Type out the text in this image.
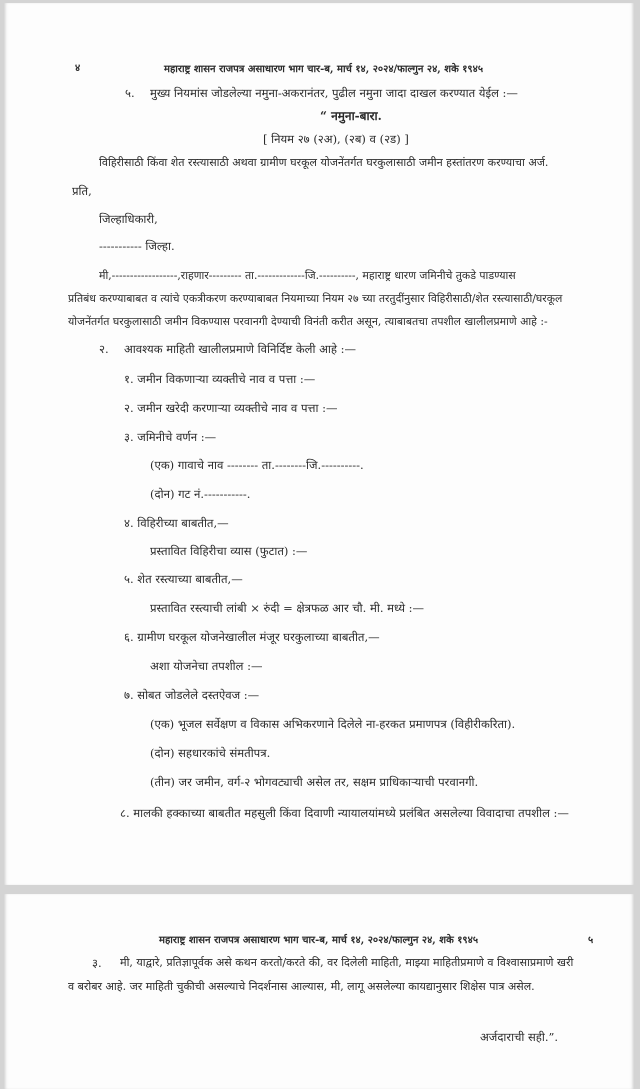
४	महाराष्ट्र शासन राजपत्र असाधारण भाग चार-ब, मार्च १४, २०२४/फाल्गुन २४, शके १९४५
५. मुख्य नियमांस जोडलेल्या नमुना-अकरानंतर, पुढील नमुना जादा दाखल करण्यात येईल :—
“ नमुना-बारा.
[ नियम २७ (२अ), (२ब) व (२ड) ]
विहिरीसाठी किंवा शेत रस्त्यासाठी अथवा ग्रामीण घरकूल योजनेंतर्गत घरकुलासाठी जमीन हस्तांतरण करण्याचा अर्ज.
प्रति,
जिल्हाधिकारी,
----------- जिल्हा.
मी,------------------,राहणार--------- ता.-------------जि.----------, महाराष्ट्र धारण जमिनीचे तुकडे पाडण्यास
प्रतिबंध करण्याबाबत व त्यांचे एकत्रीकरण करण्याबाबत नियमाच्या नियम २७ च्या तरतुदींनुसार विहिरीसाठी/शेत रस्त्यासाठी/घरकूल
योजनेंतर्गत घरकुलासाठी जमीन विकण्यास परवानगी देण्याची विनंती करीत असून, त्याबाबतचा तपशील खालीलप्रमाणे आहे :-
२. आवश्यक माहिती खालीलप्रमाणे विनिर्दिष्ट केली आहे :—
१. जमीन विकणाऱ्या व्यक्तीचे नाव व पत्ता :—
२. जमीन खरेदी करणाऱ्या व्यक्तीचे नाव व पत्ता :—
३. जमिनीचे वर्णन :—
(एक) गावाचे नाव -------- ता.--------जि.----------.
(दोन) गट नं.-----------.
४. विहिरीच्या बाबतीत,—
प्रस्तावित विहिरीचा व्यास (फुटात) :—
५. शेत रस्त्याच्या बाबतीत,—
प्रस्तावित रस्त्याची लांबी × रुंदी = क्षेत्रफळ आर चौ. मी. मध्ये :—
६. ग्रामीण घरकूल योजनेखालील मंजूर घरकुलाच्या बाबतीत,—
अशा योजनेचा तपशील :—
७. सोबत जोडलेले दस्तऐवज :—
(एक) भूजल सर्वेक्षण व विकास अभिकरणाने दिलेले ना-हरकत प्रमाणपत्र (विहीरीकरिता).
(दोन) सहधारकांचे संमतीपत्र.
(तीन) जर जमीन, वर्ग-२ भोगवट्याची असेल तर, सक्षम प्राधिकाऱ्याची परवानगी.
८. मालकी हक्काच्या बाबतीत महसुली किंवा दिवाणी न्यायालयांमध्ये प्रलंबित असलेल्या विवादाचा तपशील :—
महाराष्ट्र शासन राजपत्र असाधारण भाग चार-ब, मार्च १४, २०२४/फाल्गुन २४, शके १९४५	५
३. मी, याद्वारे, प्रतिज्ञापूर्वक असे कथन करतो/करते की, वर दिलेली माहिती, माझ्या माहितीप्रमाणे व विश्वासाप्रमाणे खरी
व बरोबर आहे. जर माहिती चुकीची असल्याचे निदर्शनास आल्यास, मी, लागू असलेल्या कायद्यानुसार शिक्षेस पात्र असेल.
अर्जदाराची सही.”.
